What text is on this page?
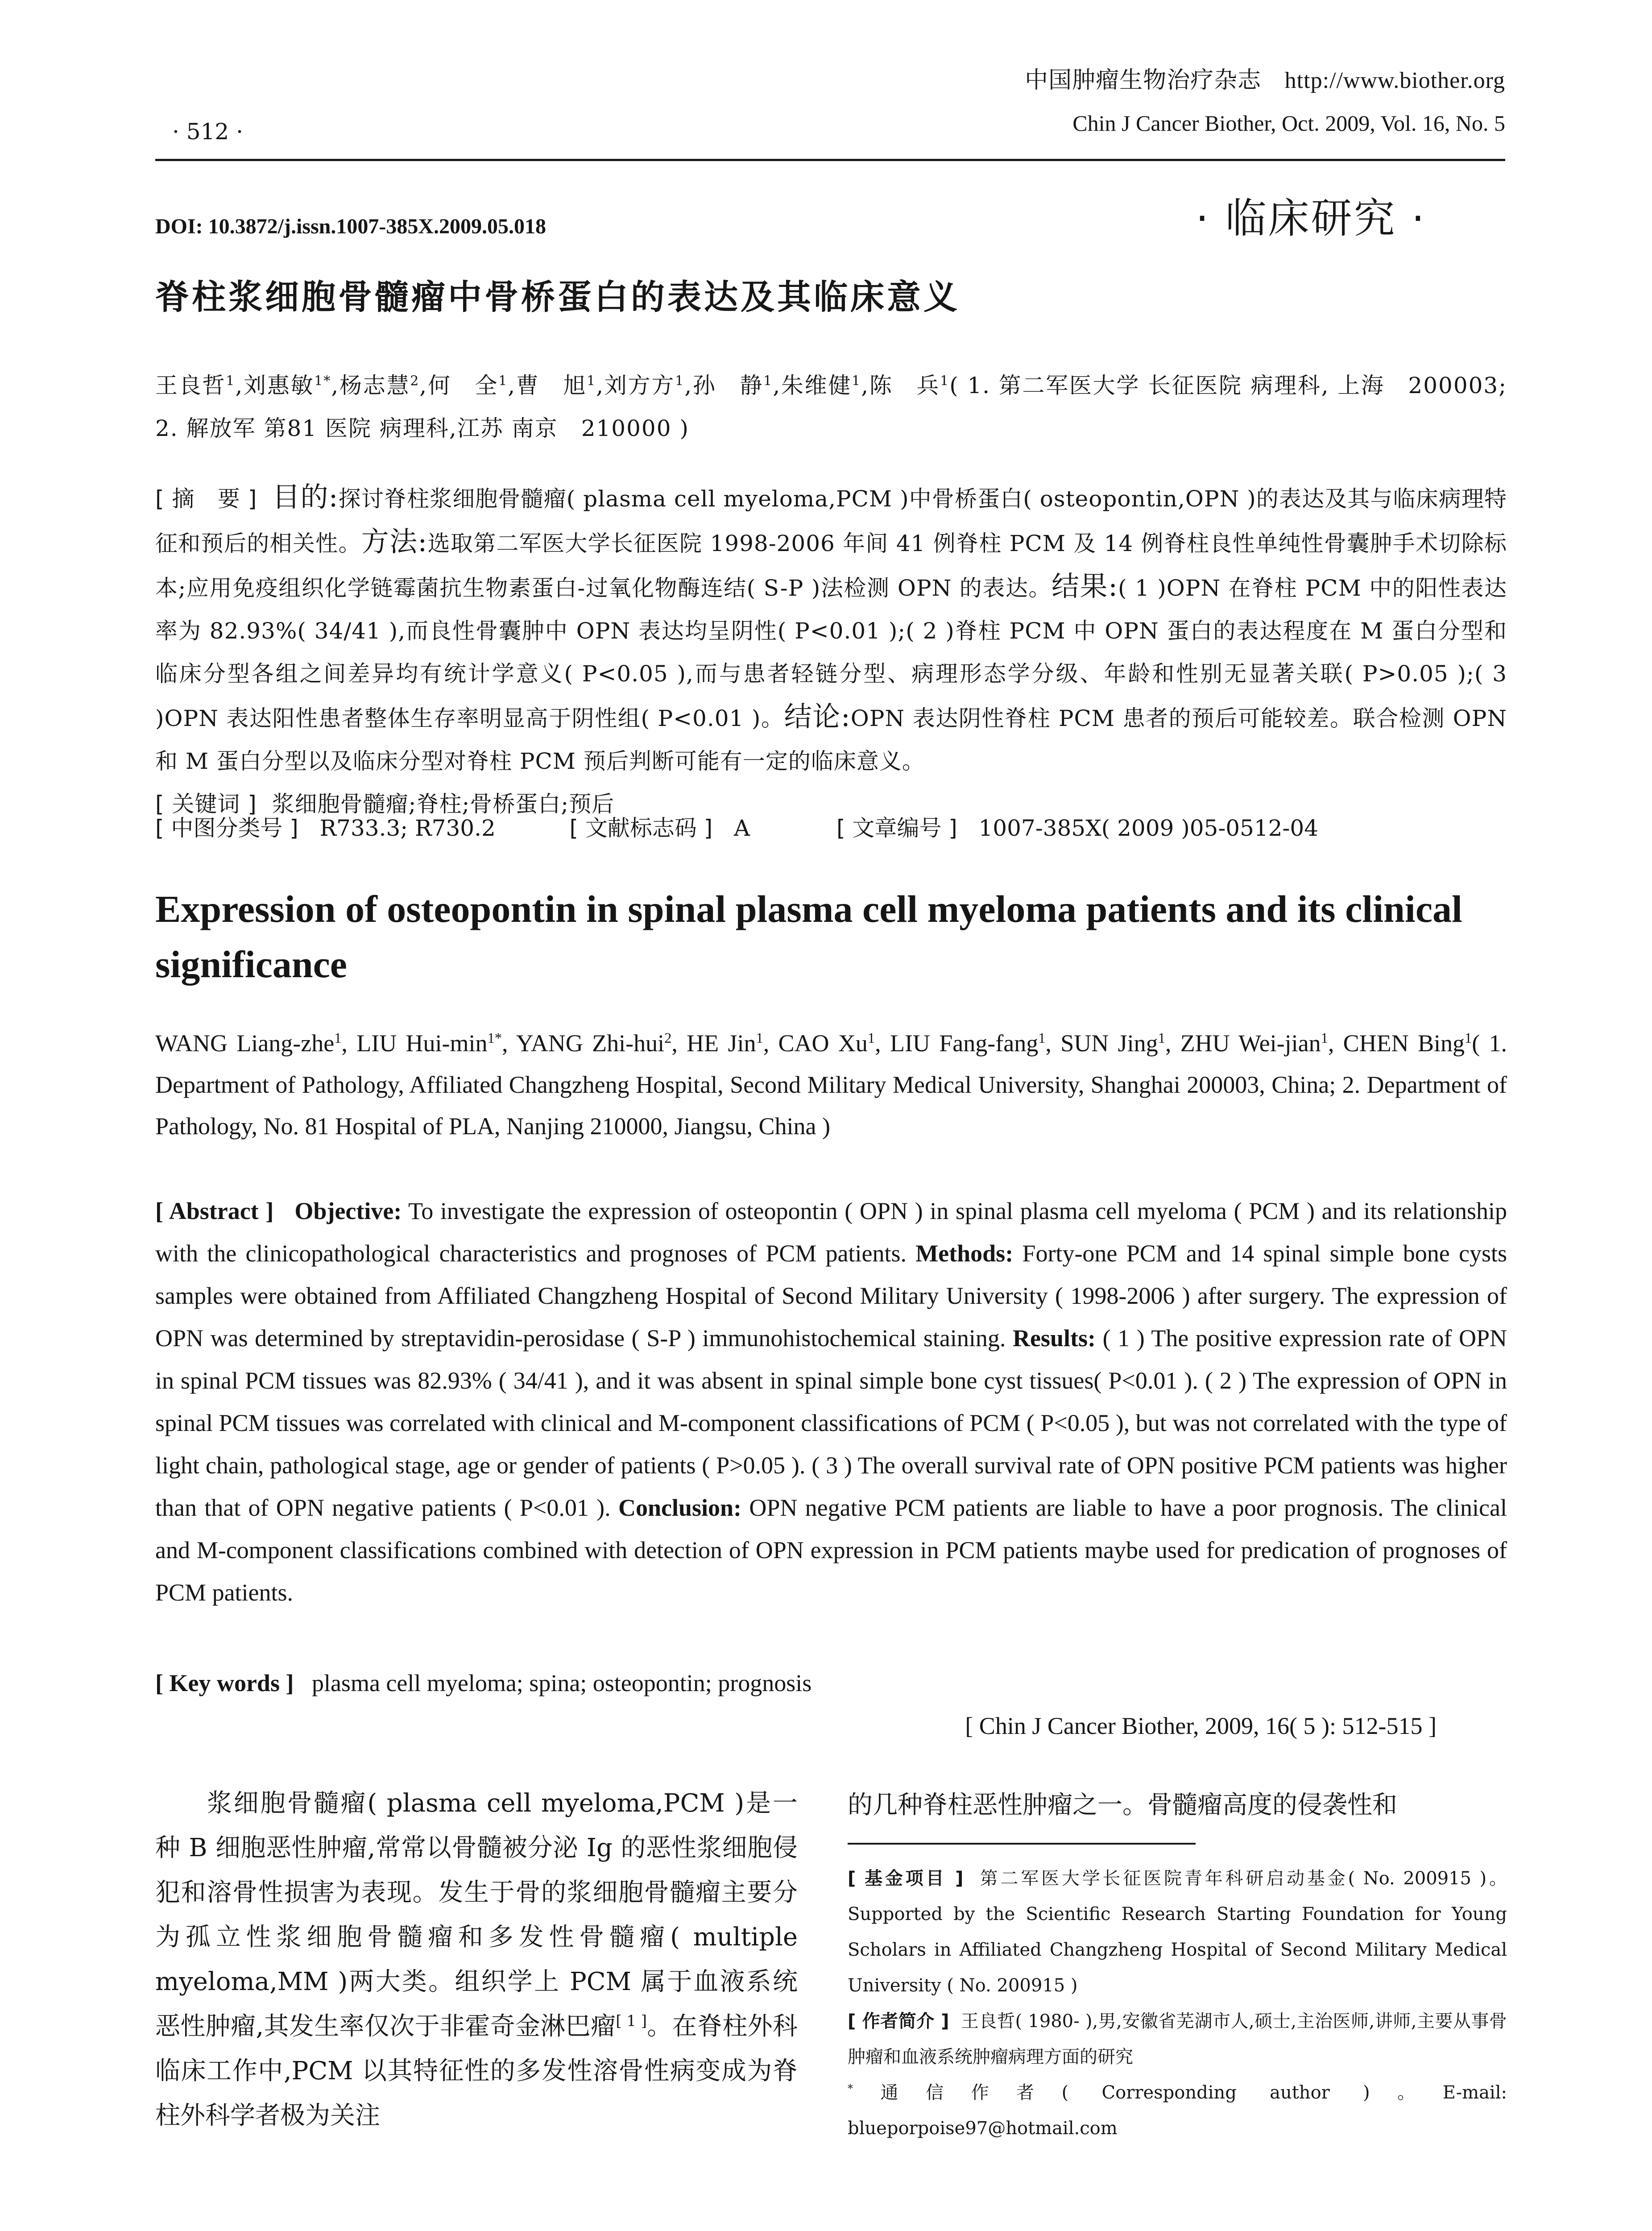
中国肿瘤生物治疗杂志 http://www.biother.org
Chin J Cancer Biother, Oct. 2009, Vol. 16, No. 5
· 512 ·
DOI: 10.3872/j.issn.1007-385X.2009.05.018	· 临床研究 ·
脊柱浆细胞骨髓瘤中骨桥蛋白的表达及其临床意义
王良哲$^1$,刘惠敏$^{1*}$,杨志慧$^2$,何　全$^1$,曹　旭$^1$,刘方方$^1$,孙　静$^1$,朱维健$^1$,陈　兵$^1$( 1. 第二军医大学 长征医院 病理科, 上海　200003; 2. 解放军 第81 医院 病理科,江苏 南京　210000 )
[ 摘　要 ] 目的:探讨脊柱浆细胞骨髓瘤( plasma cell myeloma,PCM )中骨桥蛋白( osteopontin,OPN )的表达及其与临床病理特征和预后的相关性。方法:选取第二军医大学长征医院 1998-2006 年间 41 例脊柱 PCM 及 14 例脊柱良性单纯性骨囊肿手术切除标本;应用免疫组织化学链霉菌抗生物素蛋白-过氧化物酶连结( S-P )法检测 OPN 的表达。结果:( 1 )OPN 在脊柱 PCM 中的阳性表达率为 82.93%( 34/41 ),而良性骨囊肿中 OPN 表达均呈阴性( P<0.01 );( 2 )脊柱 PCM 中 OPN 蛋白的表达程度在 M 蛋白分型和临床分型各组之间差异均有统计学意义( P<0.05 ),而与患者轻链分型、病理形态学分级、年龄和性别无显著关联( P>0.05 );( 3 )OPN 表达阳性患者整体生存率明显高于阴性组( P<0.01 )。结论:OPN 表达阴性脊柱 PCM 患者的预后可能较差。联合检测 OPN 和 M 蛋白分型以及临床分型对脊柱 PCM 预后判断可能有一定的临床意义。
[ 关键词 ] 浆细胞骨髓瘤;脊柱;骨桥蛋白;预后
[ 中图分类号 ] R733.3; R730.2	[ 文献标志码 ] A	[ 文章编号 ] 1007-385X( 2009 )05-0512-04
Expression of osteopontin in spinal plasma cell myeloma patients and its clinical significance
WANG Liang-zhe$^1$, LIU Hui-$\min^{1*}$, YANG Zhi-hui$^2$, HE Jin$^1$, CAO Xu$^1$, LIU Fang-fang$^1$, SUN Jing$^1$, ZHU Wei-jian$^1$, CHEN Bing$^1$( 1. Department of Pathology, Affiliated Changzheng Hospital, Second Military Medical University, Shanghai 200003, China; 2. Department of Pathology, No. 81 Hospital of PLA, Nanjing 210000, Jiangsu, China )
[ Abstract ] Objective: To investigate the expression of osteopontin ( OPN ) in spinal plasma cell myeloma ( PCM ) and its relationship with the clinicopathological characteristics and prognoses of PCM patients. Methods: Forty-one PCM and 14 spinal simple bone cysts samples were obtained from Affiliated Changzheng Hospital of Second Military University ( 1998-2006 ) after surgery. The expression of OPN was determined by streptavidin-perosidase ( S-P ) immunohistochemical staining. Results: ( 1 ) The positive expression rate of OPN in spinal PCM tissues was 82.93% ( 34/41 ), and it was absent in spinal simple bone cyst tissues( P<0.01 ). ( 2 ) The expression of OPN in spinal PCM tissues was correlated with clinical and M-component classifications of PCM ( P<0.05 ), but was not correlated with the type of light chain, pathological stage, age or gender of patients ( P>0.05 ). ( 3 ) The overall survival rate of OPN positive PCM patients was higher than that of OPN negative patients ( P<0.01 ). Conclusion: OPN negative PCM patients are liable to have a poor prognosis. The clinical and M-component classifications combined with detection of OPN expression in PCM patients maybe used for predication of prognoses of PCM patients.
[ Key words ] plasma cell myeloma; spina; osteopontin; prognosis
[ Chin J Cancer Biother, 2009, 16( 5 ): 512-515 ]
  浆细胞骨髓瘤( plasma cell myeloma,PCM )是一种 B 细胞恶性肿瘤,常常以骨髓被分泌 Ig 的恶性浆细胞侵犯和溶骨性损害为表现。发生于骨的浆细胞骨髓瘤主要分为孤立性浆细胞骨髓瘤和多发性骨髓瘤( multiple myeloma,MM )两大类。组织学上 PCM 属于血液系统恶性肿瘤,其发生率仅次于非霍奇金淋巴瘤[ 1 ]。在脊柱外科临床工作中,PCM 以其特征性的多发性溶骨性病变成为脊柱外科学者极为关注
的几种脊柱恶性肿瘤之一。骨髓瘤高度的侵袭性和
[ 基金项目 ] 第二军医大学长征医院青年科研启动基金( No. 200915 )。Supported by the Scientific Research Starting Foundation for Young Scholars in Affiliated Changzheng Hospital of Second Military Medical University ( No. 200915 )
[ 作者简介 ] 王良哲( 1980- ),男,安徽省芜湖市人,硕士,主治医师,讲师,主要从事骨肿瘤和血液系统肿瘤病理方面的研究
*通信作者( Corresponding author )。E-mail: blueporpoise97@hotmail.com
